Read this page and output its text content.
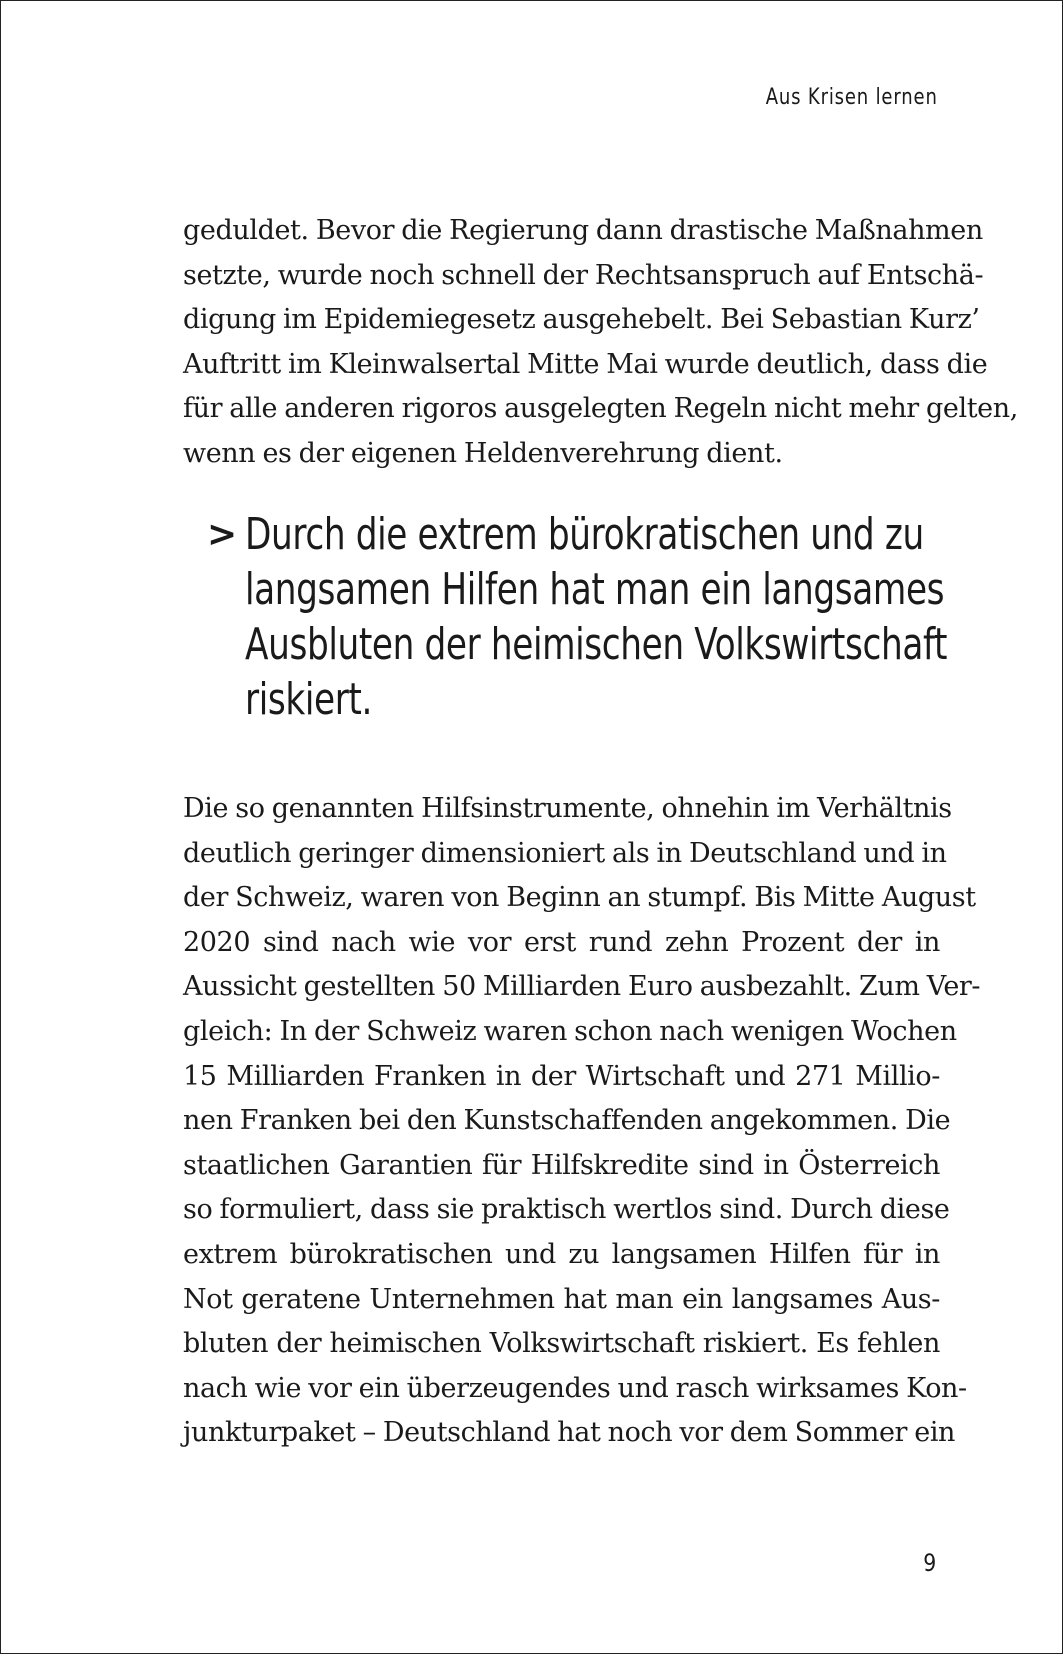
Aus Krisen lernen
geduldet. Bevor die Regierung dann drastische Maßnahmen
setzte, wurde noch schnell der Rechtsanspruch auf Entschä-
digung im Epidemiegesetz ausgehebelt. Bei Sebastian Kurz’
Auftritt im Kleinwalsertal Mitte Mai wurde deutlich, dass die
für alle anderen rigoros ausgelegten Regeln nicht mehr gelten,
wenn es der eigenen Heldenverehrung dient.
> Durch die extrem bürokratischen und zu
langsamen Hilfen hat man ein langsames
Ausbluten der heimischen Volkswirtschaft
riskiert.
Die so genannten Hilfsinstrumente, ohnehin im Verhältnis
deutlich geringer dimensioniert als in Deutschland und in
der Schweiz, waren von Beginn an stumpf. Bis Mitte August
2020 sind nach wie vor erst rund zehn Prozent der in
Aussicht gestellten 50 Milliarden Euro ausbezahlt. Zum Ver-
gleich: In der Schweiz waren schon nach wenigen Wochen
15 Milliarden Franken in der Wirtschaft und 271 Millio-
nen Franken bei den Kunstschaffenden angekommen. Die
staatlichen Garantien für Hilfskredite sind in Österreich
so formuliert, dass sie praktisch wertlos sind. Durch diese
extrem bürokratischen und zu langsamen Hilfen für in
Not geratene Unternehmen hat man ein langsames Aus-
bluten der heimischen Volkswirtschaft riskiert. Es fehlen
nach wie vor ein überzeugendes und rasch wirksames Kon-
junkturpaket – Deutschland hat noch vor dem Sommer ein
9
